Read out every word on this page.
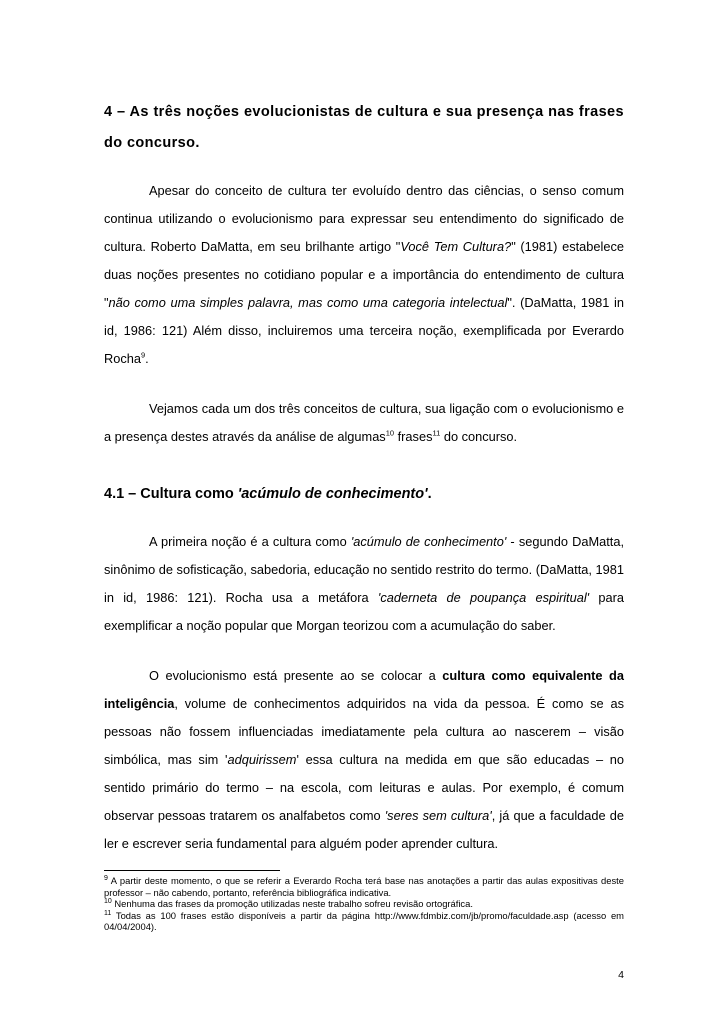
4 – As três noções evolucionistas de cultura e sua presença nas frases do concurso.

Apesar do conceito de cultura ter evoluído dentro das ciências, o senso comum continua utilizando o evolucionismo para expressar seu entendimento do significado de cultura. Roberto DaMatta, em seu brilhante artigo "Você Tem Cultura?" (1981) estabelece duas noções presentes no cotidiano popular e a importância do entendimento de cultura "não como uma simples palavra, mas como uma categoria intelectual". (DaMatta, 1981 in id, 1986: 121) Além disso, incluiremos uma terceira noção, exemplificada por Everardo Rocha$^9$.

Vejamos cada um dos três conceitos de cultura, sua ligação com o evolucionismo e a presença destes através da análise de algumas$^{10}$ frases$^{11}$ do concurso.

4.1 – Cultura como 'acúmulo de conhecimento'.

A primeira noção é a cultura como 'acúmulo de conhecimento' - segundo DaMatta, sinônimo de sofisticação, sabedoria, educação no sentido restrito do termo. (DaMatta, 1981 in id, 1986: 121). Rocha usa a metáfora 'caderneta de poupança espiritual' para exemplificar a noção popular que Morgan teorizou com a acumulação do saber.

O evolucionismo está presente ao se colocar a cultura como equivalente da inteligência, volume de conhecimentos adquiridos na vida da pessoa. É como se as pessoas não fossem influenciadas imediatamente pela cultura ao nascerem – visão simbólica, mas sim 'adquirissem' essa cultura na medida em que são educadas – no sentido primário do termo – na escola, com leituras e aulas. Por exemplo, é comum observar pessoas tratarem os analfabetos como 'seres sem cultura', já que a faculdade de ler e escrever seria fundamental para alguém poder aprender cultura.

$^9$ A partir deste momento, o que se referir a Everardo Rocha terá base nas anotações a partir das aulas expositivas deste professor – não cabendo, portanto, referência bibliográfica indicativa.

$^{10}$ Nenhuma das frases da promoção utilizadas neste trabalho sofreu revisão ortográfica.

$^{11}$ Todas as 100 frases estão disponíveis a partir da página http://www.fdmbiz.com/jb/promo/faculdade.asp (acesso em 04/04/2004).

4
